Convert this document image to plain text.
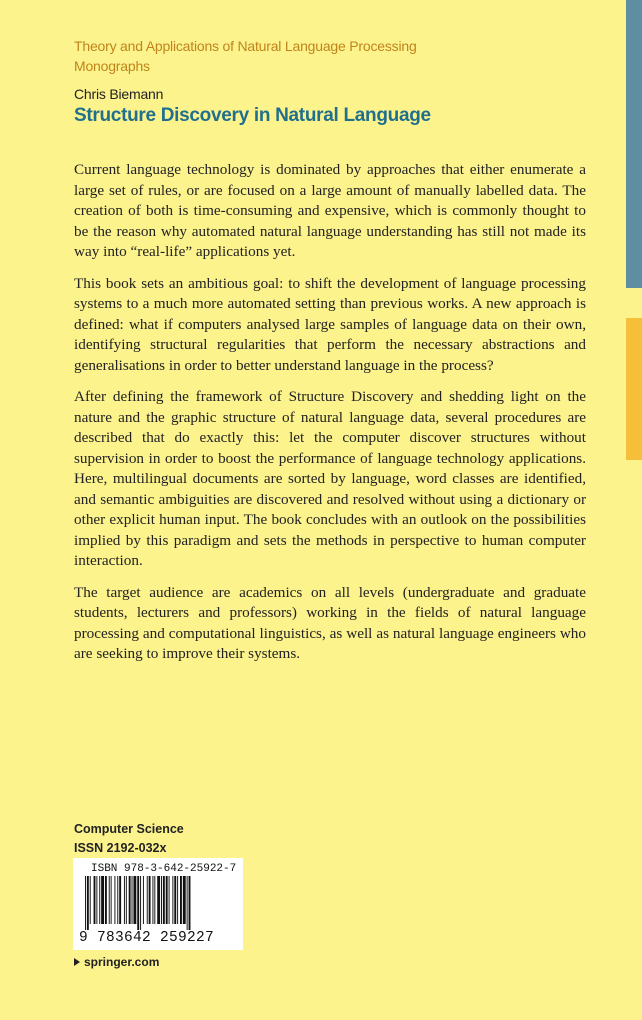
Theory and Applications of Natural Language Processing
Monographs
Chris Biemann
Structure Discovery in Natural Language

Current language technology is dominated by approaches that either enumerate a large set of rules, or are focused on a large amount of manually labelled data. The creation of both is time-consuming and expensive, which is commonly thought to be the reason why automated natural language understanding has still not made its way into “real-life” applications yet.

This book sets an ambitious goal: to shift the development of language processing systems to a much more automated setting than previous works. A new approach is defined: what if computers analysed large samples of language data on their own, identifying structural regularities that perform the necessary abstractions and generalisations in order to better understand language in the process?

After defining the framework of Structure Discovery and shedding light on the nature and the graphic structure of natural language data, several procedures are described that do exactly this: let the computer discover structures without supervision in order to boost the performance of language technology applications. Here, multilingual documents are sorted by language, word classes are identified, and semantic ambiguities are discovered and resolved without using a dictionary or other explicit human input. The book concludes with an outlook on the possibilities implied by this paradigm and sets the methods in perspective to human computer interaction.

The target audience are academics on all levels (undergraduate and graduate students, lecturers and professors) working in the fields of natural language processing and computational linguistics, as well as natural language engineers who are seeking to improve their systems.

Computer Science
ISSN 2192-032x
ISBN 978-3-642-25922-7
9 783642 259227
springer.com
